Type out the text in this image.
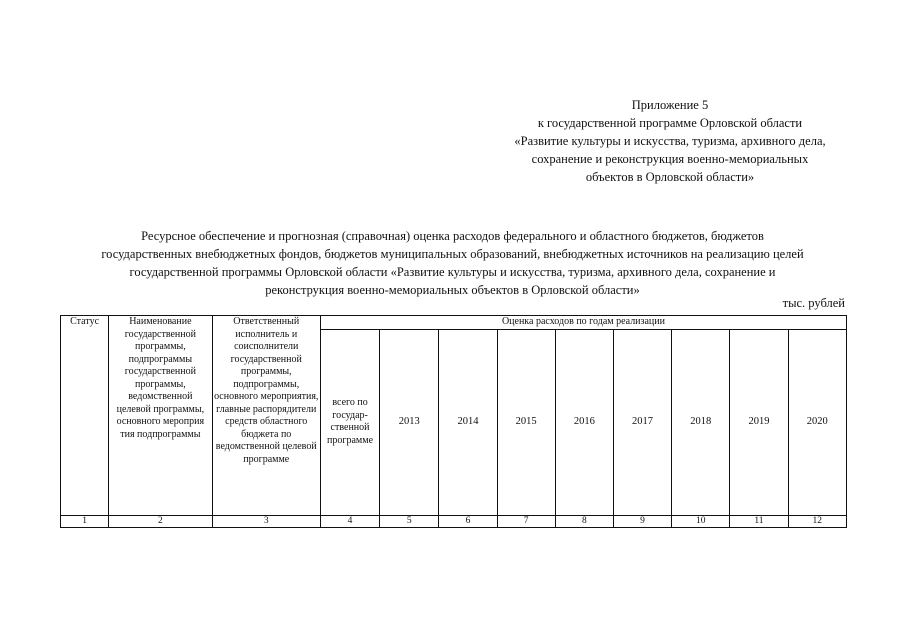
Приложение 5
к государственной программе Орловской области
«Развитие культуры и искусства, туризма, архивного дела,
сохранение и реконструкция военно-мемориальных
объектов в Орловской области»
Ресурсное обеспечение и прогнозная (справочная) оценка расходов федерального и областного бюджетов, бюджетов
государственных внебюджетных фондов, бюджетов муниципальных образований, внебюджетных источников на реализацию целей
государственной программы Орловской области «Развитие культуры и искусства, туризма, архивного дела, сохранение и
реконструкция военно-мемориальных объектов в Орловской области»
тыс. рублей
Статус	Наименование государственной программы, подпрограммы государственной программы, ведомственной целевой программы, основного мероприя тия подпрограммы	Ответственный исполнитель и соисполнители государственной программы, подпрограммы, основного мероприятия, главные распорядители средств областного бюджета по ведомственной целевой программе	Оценка расходов по годам реализации								
			всего по государ-ственной программе	2013	2014	2015	2016	2017	2018	2019	2020
1	2	3	4	5	6	7	8	9	10	11	12
